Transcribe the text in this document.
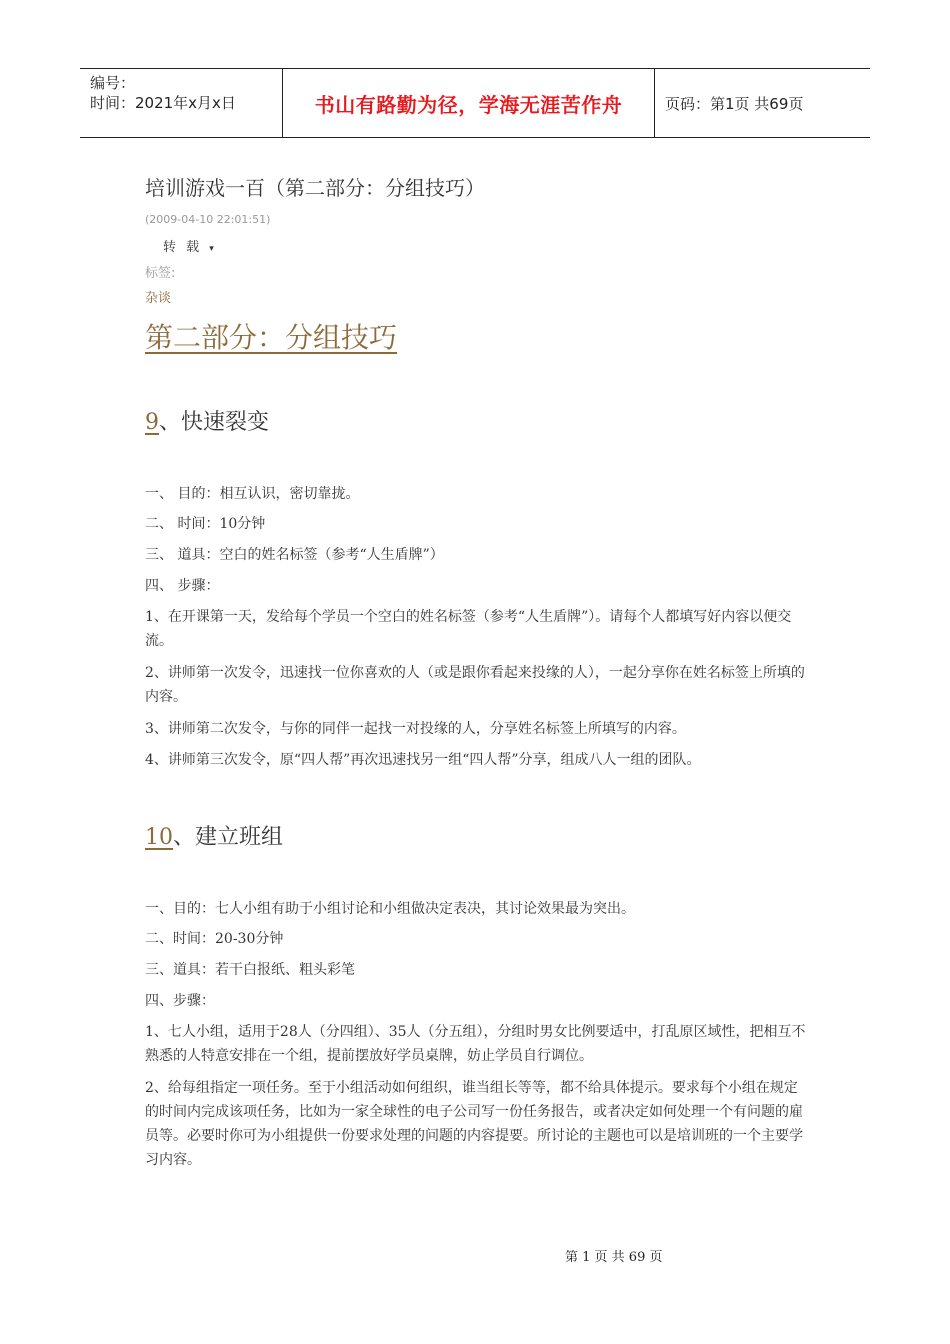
编号：
时间：2021年x月x日	书山有路勤为径，学海无涯苦作舟	页码：第1页 共69页
培训游戏一百（第二部分：分组技巧）
(2009-04-10 22:01:51)
转 载 ▾
标签:
杂谈
第二部分：分组技巧
9、快速裂变

一、 目的：相互认识，密切靠拢。

二、 时间：10分钟

三、 道具：空白的姓名标签（参考“人生盾牌”）

四、 步骤：

1、在开课第一天，发给每个学员一个空白的姓名标签（参考“人生盾牌”）。请每个人都填写好内容以便交流。

2、讲师第一次发令，迅速找一位你喜欢的人（或是跟你看起来投缘的人），一起分享你在姓名标签上所填的内容。

3、讲师第二次发令，与你的同伴一起找一对投缘的人，分享姓名标签上所填写的内容。

4、讲师第三次发令，原“四人帮”再次迅速找另一组“四人帮”分享，组成八人一组的团队。

10、建立班组

一、目的：七人小组有助于小组讨论和小组做决定表决，其讨论效果最为突出。

二、时间：20-30分钟

三、道具：若干白报纸、粗头彩笔

四、步骤：

1、七人小组，适用于28人（分四组）、35人（分五组），分组时男女比例要适中，打乱原区域性，把相互不熟悉的人特意安排在一个组，提前摆放好学员桌牌，妨止学员自行调位。

2、给每组指定一项任务。至于小组活动如何组织，谁当组长等等，都不给具体提示。要求每个小组在规定的时间内完成该项任务，比如为一家全球性的电子公司写一份任务报告，或者决定如何处理一个有问题的雇员等。必要时你可为小组提供一份要求处理的问题的内容提要。所讨论的主题也可以是培训班的一个主要学习内容。

第 1 页 共 69 页
